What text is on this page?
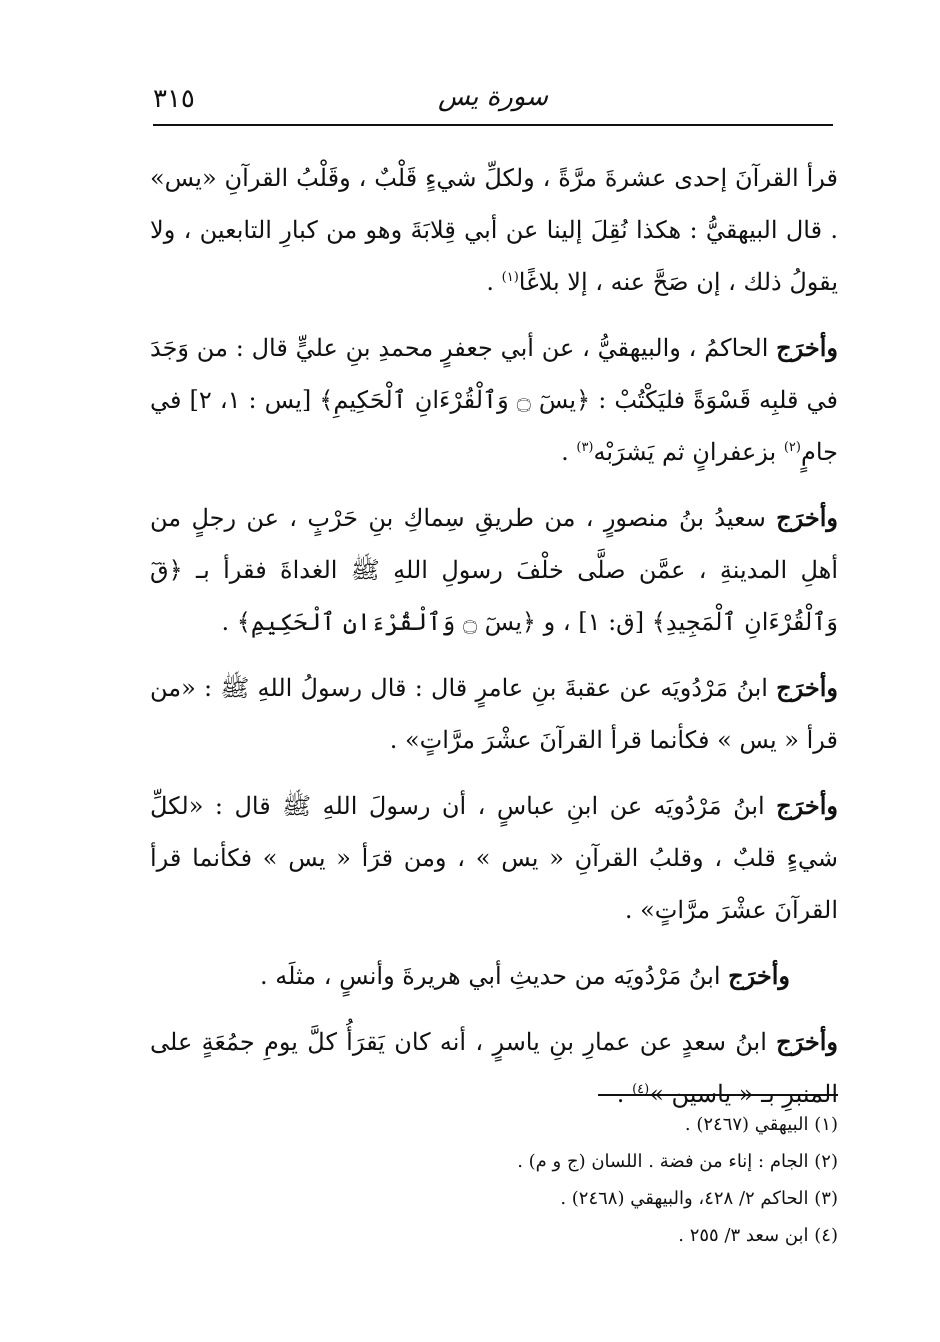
٣١٥	سورة يس

قرأ القرآنَ إحدى عشرةَ مرَّةً ، ولكلِّ شيءٍ قَلْبٌ ، وقَلْبُ القرآنِ «يس» . قال البيهقيُّ : هكذا نُقِلَ إلينا عن أبي قِلابَةَ وهو من كبارِ التابعين ، ولا يقولُ ذلك ، إن صَحَّ عنه ، إلا بلاغًا$^{(١)}$ .

وأخرَج الحاكمُ ، والبيهقيُّ ، عن أبي جعفرٍ محمدِ بنِ عليٍّ قال : من وَجَدَ في قلبِه قَسْوَةً فليَكْتُبْ : ﴿يسٓ ۝ وَٱلْقُرْءَانِ ٱلْحَكِيمِ﴾ [يس : ١، ٢] في جامٍ$^{(٢)}$ بزعفرانٍ ثم يَشرَبْه$^{(٣)}$ .

وأخرَج سعيدُ بنُ منصورٍ ، من طريقِ سِماكِ بنِ حَرْبٍ ، عن رجلٍ من أهلِ المدينةِ ، عمَّن صلَّى خلْفَ رسولِ اللهِ ﷺ الغداةَ فقرأ بـ ﴿قٓ وَٱلْقُرْءَانِ ٱلْمَجِيدِ﴾ [ق: ١] ، و ﴿يسٓ ۝ وَٱلْقُرْءَانِ ٱلْحَكِيمِ﴾ .

وأخرَج ابنُ مَرْدُويَه عن عقبةَ بنِ عامرٍ قال : قال رسولُ اللهِ ﷺ : «من قرأ « يس » فكأنما قرأ القرآنَ عشْرَ مرَّاتٍ» .

وأخرَج ابنُ مَرْدُويَه عن ابنِ عباسٍ ، أن رسولَ اللهِ ﷺ قال : «لكلِّ شيءٍ قلبٌ ، وقلبُ القرآنِ « يس » ، ومن قرَأ « يس » فكأنما قرأ القرآنَ عشْرَ مرَّاتٍ» .

وأخرَج ابنُ مَرْدُويَه من حديثِ أبي هريرةَ وأنسٍ ، مثلَه .

وأخرَج ابنُ سعدٍ عن عمارِ بنِ ياسرٍ ، أنه كان يَقرَأُ كلَّ يومِ جمُعَةٍ على المنبرِ بـ « ياسين »$^{(٤)}$ .

(١) البيهقي (٢٤٦٧) .
(٢) الجام : إناء من فضة . اللسان (ج و م) .
(٣) الحاكم ٢/ ٤٢٨، والبيهقي (٢٤٦٨) .
(٤) ابن سعد ٣/ ٢٥٥ .
